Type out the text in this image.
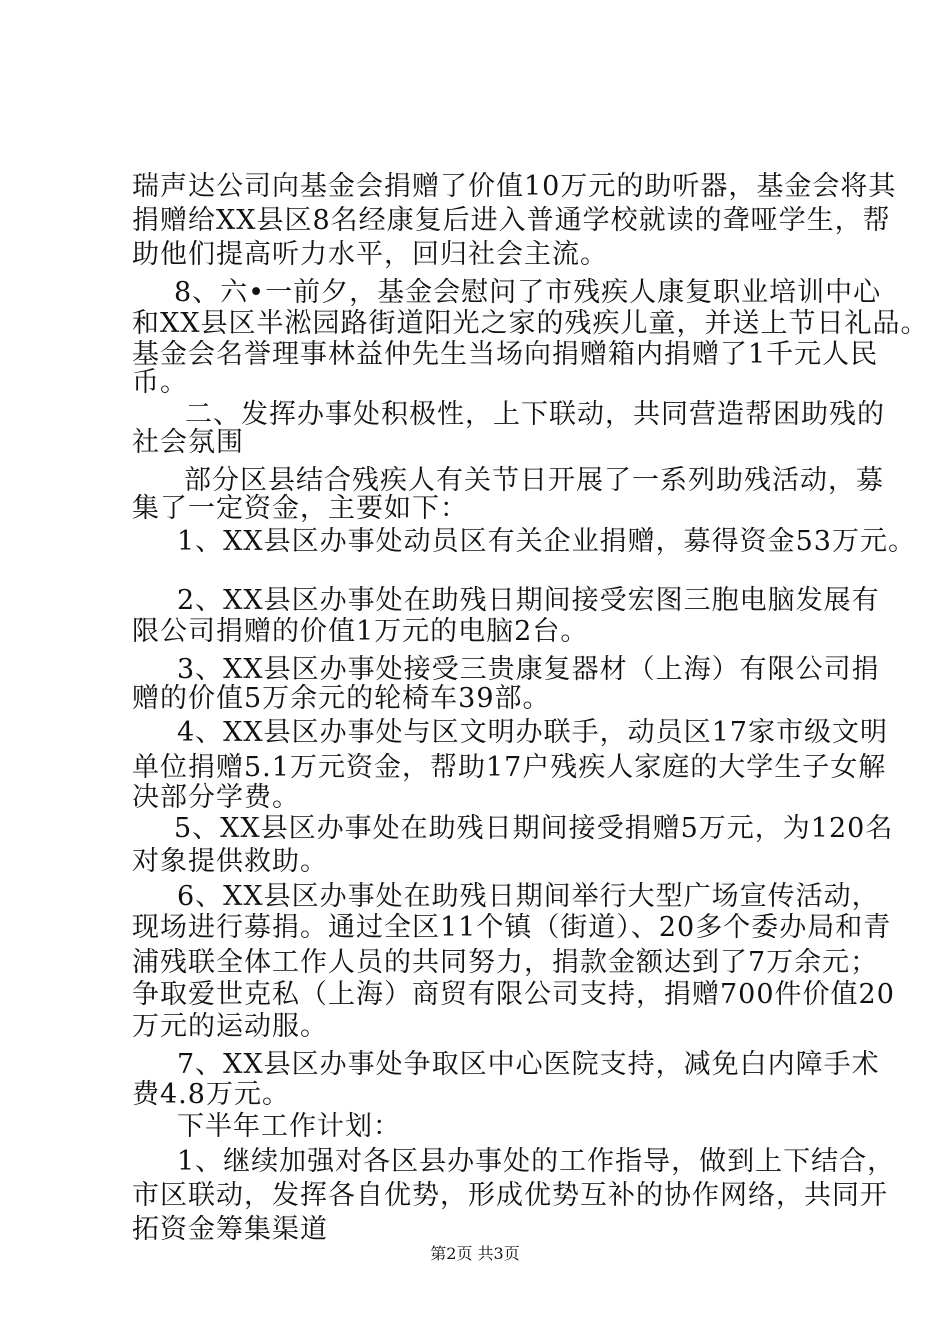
瑞声达公司向基金会捐赠了价值10万元的助听器，基金会将其
捐赠给XX县区8名经康复后进入普通学校就读的聋哑学生，帮
助他们提高听力水平，回归社会主流。
8、六•一前夕，基金会慰问了市残疾人康复职业培训中心
和XX县区半淞园路街道阳光之家的残疾儿童，并送上节日礼品。
基金会名誉理事林益仲先生当场向捐赠箱内捐赠了1千元人民
币。
二、发挥办事处积极性，上下联动，共同营造帮困助残的
社会氛围
部分区县结合残疾人有关节日开展了一系列助残活动，募
集了一定资金，主要如下：
1、XX县区办事处动员区有关企业捐赠，募得资金53万元。
2、XX县区办事处在助残日期间接受宏图三胞电脑发展有
限公司捐赠的价值1万元的电脑2台。
3、XX县区办事处接受三贵康复器材（上海）有限公司捐
赠的价值5万余元的轮椅车39部。
4、XX县区办事处与区文明办联手，动员区17家市级文明
单位捐赠5.1万元资金，帮助17户残疾人家庭的大学生子女解
决部分学费。
5、XX县区办事处在助残日期间接受捐赠5万元，为120名
对象提供救助。
6、XX县区办事处在助残日期间举行大型广场宣传活动，
现场进行募捐。通过全区11个镇（街道）、20多个委办局和青
浦残联全体工作人员的共同努力，捐款金额达到了7万余元；
争取爱世克私（上海）商贸有限公司支持，捐赠700件价值20
万元的运动服。
7、XX县区办事处争取区中心医院支持，减免白内障手术
费4.8万元。
下半年工作计划：
1、继续加强对各区县办事处的工作指导，做到上下结合，
市区联动，发挥各自优势，形成优势互补的协作网络，共同开
拓资金筹集渠道
第2页 共3页
